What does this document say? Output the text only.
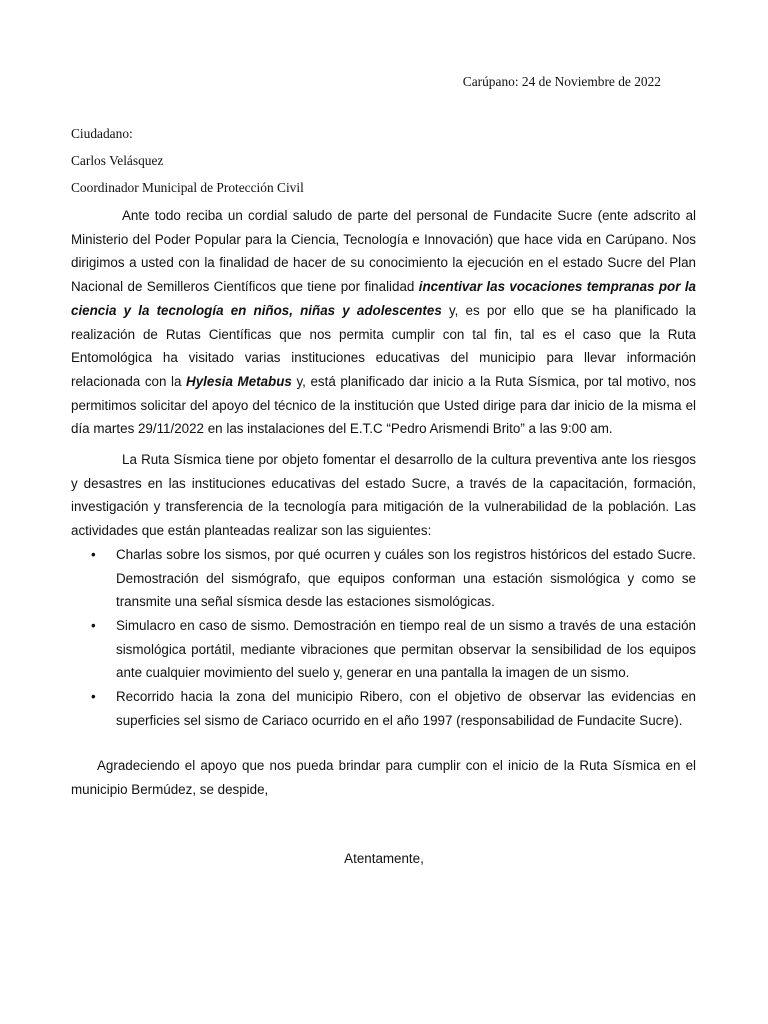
Carúpano: 24 de Noviembre de 2022
Ciudadano:
Carlos Velásquez
Coordinador Municipal de Protección Civil

Ante todo reciba un cordial saludo de parte del personal de Fundacite Sucre (ente adscrito al Ministerio del Poder Popular para la Ciencia, Tecnología e Innovación) que hace vida en Carúpano. Nos dirigimos a usted con la finalidad de hacer de su conocimiento la ejecución en el estado Sucre del Plan Nacional de Semilleros Científicos que tiene por finalidad incentivar las vocaciones tempranas por la ciencia y la tecnología en niños, niñas y adolescentes y, es por ello que se ha planificado la realización de Rutas Científicas que nos permita cumplir con tal fin, tal es el caso que la Ruta Entomológica ha visitado varias instituciones educativas del municipio para llevar información relacionada con la Hylesia Metabus y, está planificado dar inicio a la Ruta Sísmica, por tal motivo, nos permitimos solicitar del apoyo del técnico de la institución que Usted dirige para dar inicio de la misma el día martes 29/11/2022 en las instalaciones del E.T.C “Pedro Arismendi Brito” a las 9:00 am.

La Ruta Sísmica tiene por objeto fomentar el desarrollo de la cultura preventiva ante los riesgos y desastres en las instituciones educativas del estado Sucre, a través de la capacitación, formación, investigación y transferencia de la tecnología para mitigación de la vulnerabilidad de la población. Las actividades que están planteadas realizar son las siguientes:

• Charlas sobre los sismos, por qué ocurren y cuáles son los registros históricos del estado Sucre. Demostración del sismógrafo, que equipos conforman una estación sismológica y como se transmite una señal sísmica desde las estaciones sismológicas.
• Simulacro en caso de sismo. Demostración en tiempo real de un sismo a través de una estación sismológica portátil, mediante vibraciones que permitan observar la sensibilidad de los equipos ante cualquier movimiento del suelo y, generar en una pantalla la imagen de un sismo.
• Recorrido hacia la zona del municipio Ribero, con el objetivo de observar las evidencias en superficies sel sismo de Cariaco ocurrido en el año 1997 (responsabilidad de Fundacite Sucre).

Agradeciendo el apoyo que nos pueda brindar para cumplir con el inicio de la Ruta Sísmica en el municipio Bermúdez, se despide,

Atentamente,
